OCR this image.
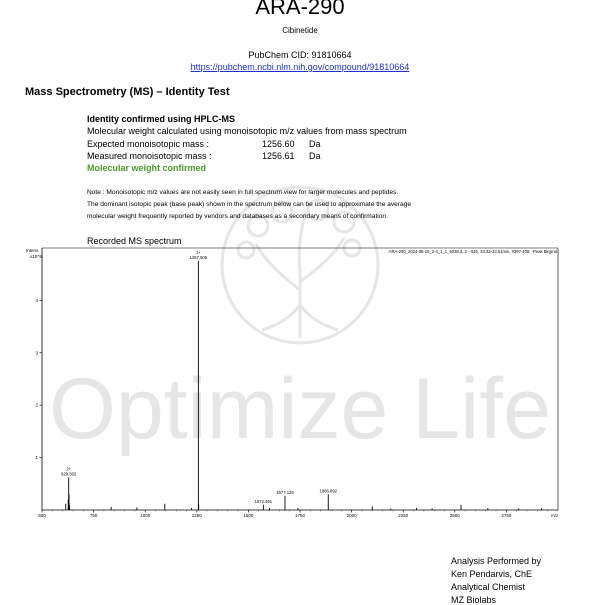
Optimize Life
ARA-290
Cibinetide
PubChem CID: 91810664
https://pubchem.ncbi.nlm.nih.gov/compound/91810664
Mass Spectrometry (MS) – Identity Test
Identity confirmed using HPLC-MS
Molecular weight calculated using monoisotopic m/z values from mass spectrum
Expected monoisotopic mass :	1256.60 Da
Measured monoisotopic mass :	1256.61 Da
Molecular weight confirmed
Note : Monoisotopic m/z values are not easily seen in full spectrum view for larger molecules and peptides.
The dominant isotopic peak (base peak) shown in the spectrum below can be used to approximate the average
molecular weight frequently reported by vendors and databases as a secondary means of confirmation.
Recorded MS spectrum
Intens.
x10^5
m/z
ARA-290_2024-08-15_2-4_1_1_5038.d, 2 - rt45, 33.32-33.51min, #397-408, -Peak Bkgrnd
500	750	1000	1250	1500	1750	2000	2250	2500	2750
1
2
3
4
2+
629.302
1+
1257.605
1572.491
1677.126	1886.892
Analysis Performed by
Ken Pendarvis, ChE
Analytical Chemist
MZ Biolabs
